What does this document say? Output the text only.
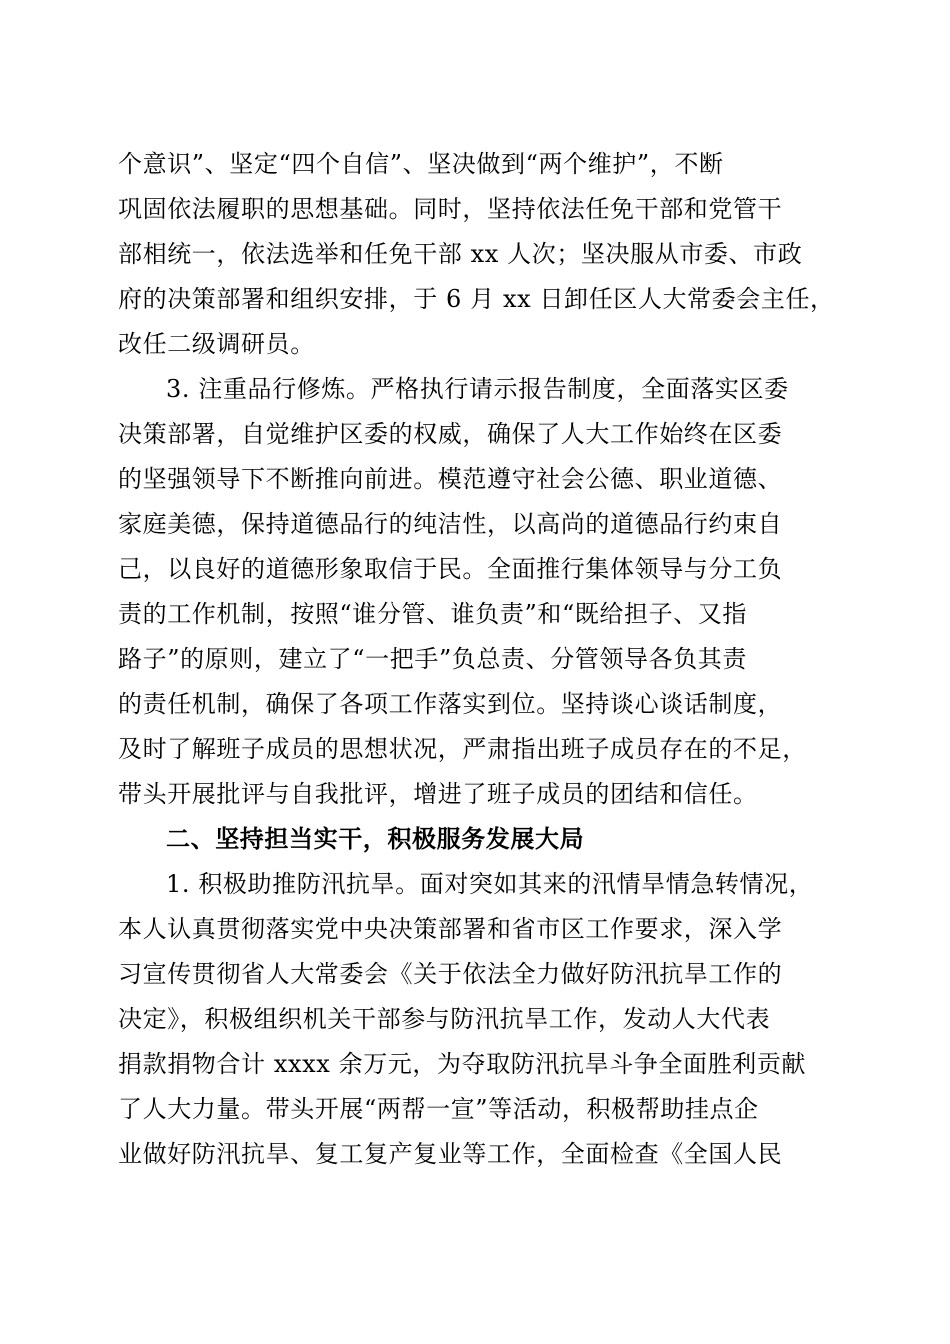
个意识”、坚定“四个自信”、坚决做到“两个维护”，不断
巩固依法履职的思想基础。同时，坚持依法任免干部和党管干
部相统一，依法选举和任免干部 xx 人次；坚决服从市委、市政
府的决策部署和组织安排，于 6 月 xx 日卸任区人大常委会主任，
改任二级调研员。
3. 注重品行修炼。严格执行请示报告制度，全面落实区委
决策部署，自觉维护区委的权威，确保了人大工作始终在区委
的坚强领导下不断推向前进。模范遵守社会公德、职业道德、
家庭美德，保持道德品行的纯洁性，以高尚的道德品行约束自
己，以良好的道德形象取信于民。全面推行集体领导与分工负
责的工作机制，按照“谁分管、谁负责”和“既给担子、又指
路子”的原则，建立了“一把手”负总责、分管领导各负其责
的责任机制，确保了各项工作落实到位。坚持谈心谈话制度，
及时了解班子成员的思想状况，严肃指出班子成员存在的不足，
带头开展批评与自我批评，增进了班子成员的团结和信任。
二、坚持担当实干，积极服务发展大局
1. 积极助推防汛抗旱。面对突如其来的汛情旱情急转情况，
本人认真贯彻落实党中央决策部署和省市区工作要求，深入学
习宣传贯彻省人大常委会《关于依法全力做好防汛抗旱工作的
决定》，积极组织机关干部参与防汛抗旱工作，发动人大代表
捐款捐物合计 xxxx 余万元，为夺取防汛抗旱斗争全面胜利贡献
了人大力量。带头开展“两帮一宣”等活动，积极帮助挂点企
业做好防汛抗旱、复工复产复业等工作，全面检查《全国人民
